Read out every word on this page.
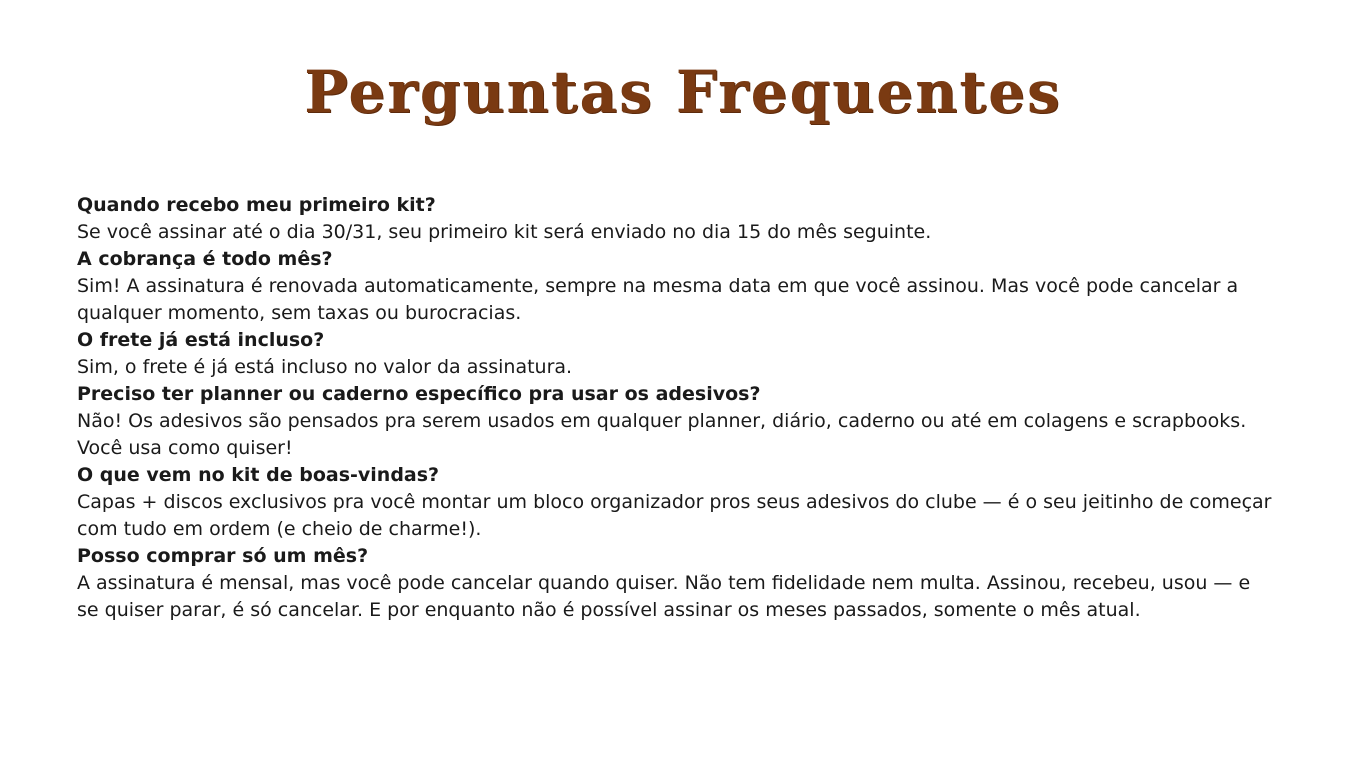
Perguntas Frequentes

Quando recebo meu primeiro kit?

Se você assinar até o dia 30/31, seu primeiro kit será enviado no dia 15 do mês seguinte.

A cobrança é todo mês?

Sim! A assinatura é renovada automaticamente, sempre na mesma data em que você assinou. Mas você pode cancelar a qualquer momento, sem taxas ou burocracias.

O frete já está incluso?

Sim, o frete é já está incluso no valor da assinatura.

Preciso ter planner ou caderno específico pra usar os adesivos?

Não! Os adesivos são pensados pra serem usados em qualquer planner, diário, caderno ou até em colagens e scrapbooks. Você usa como quiser!

O que vem no kit de boas-vindas?

Capas + discos exclusivos pra você montar um bloco organizador pros seus adesivos do clube — é o seu jeitinho de começar com tudo em ordem (e cheio de charme!).

Posso comprar só um mês?

A assinatura é mensal, mas você pode cancelar quando quiser. Não tem fidelidade nem multa. Assinou, recebeu, usou — e se quiser parar, é só cancelar. E por enquanto não é possível assinar os meses passados, somente o mês atual.
